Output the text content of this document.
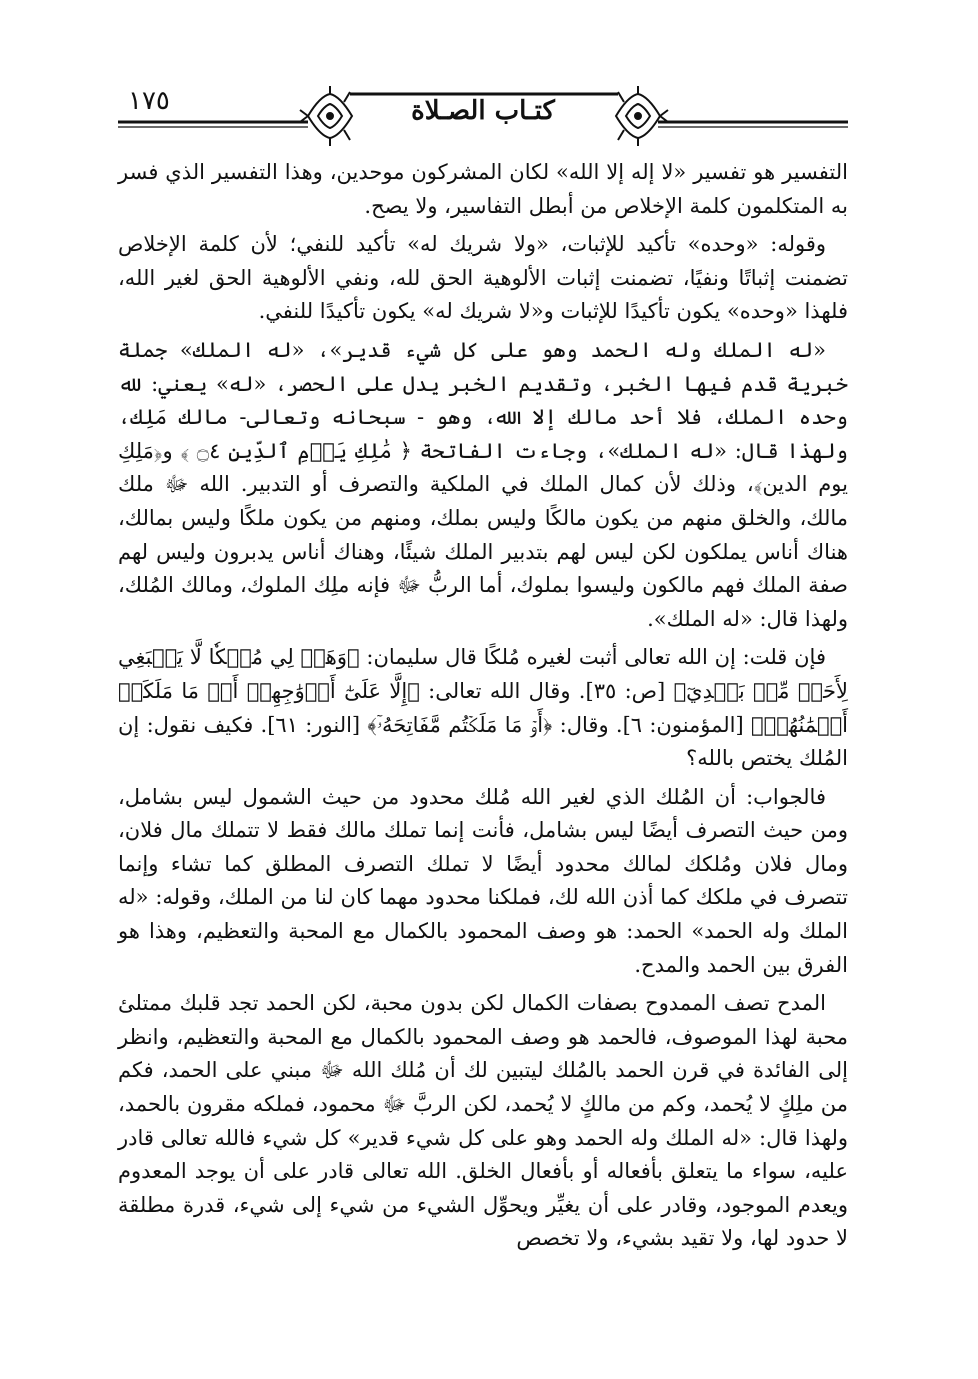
١٧٥	كتـاب الصـلاة

التفسير هو تفسير «لا إله إلا الله» لكان المشركون موحدين، وهذا التفسير الذي فسر به المتكلمون كلمة الإخلاص من أبطل التفاسير، ولا يصح.

وقوله: «وحده» تأكيد للإثبات، «ولا شريك له» تأكيد للنفي؛ لأن كلمة الإخلاص تضمنت إثباتًا ونفيًا، تضمنت إثبات الألوهية الحق لله، ونفي الألوهية الحق لغير الله، فلهذا «وحده» يكون تأكيدًا للإثبات و«لا شريك له» يكون تأكيدًا للنفي.

«له الملك وله الحمد وهو على كل شيء قدير»، «له الملك» جملة خبرية قدم فيها الخبر، وتقديم الخبر يدل على الحصر، «له» يعني: لله وحده الملك، فلا أحد مالك إلا الله، وهو - سبحانه وتعالى- مالك مَلِك، ولهذا قال: «له الملك»، وجاءت الفاتحة ﴿ مَٰلِكِ يَوۡمِ ٱلدِّينِ ۝٤ ﴾ و﴿مَلِكِ يوم الدين﴾، وذلك لأن كمال الملك في الملكية والتصرف أو التدبير. الله ﷻ ملك مالك، والخلق منهم من يكون مالكًا وليس بملك، ومنهم من يكون ملكًا وليس بمالك، هناك أناس يملكون لكن ليس لهم بتدبير الملك شيئًا، وهناك أناس يدبرون وليس لهم صفة الملك فهم مالكون وليسوا بملوك، أما الربُّ ﷻ فإنه ملِك الملوك، ومالك المُلك، ولهذا قال: «له الملك».

فإن قلت: إن الله تعالى أثبت لغيره مُلكًا قال سليمان: ﴿وَهَبۡ لِي مُلۡكٗا لَّا يَنۢبَغِي لِأَحَدٖ مِّنۢ بَعۡدِيٓ﴾ [ص: ٣٥]. وقال الله تعالى: ﴿إِلَّا عَلَىٰٓ أَزۡوَٰجِهِمۡ أَوۡ مَا مَلَكَتۡ أَيۡمَٰنُهُمۡ﴾ [المؤمنون: ٦]. وقال: ﴿أَوۡ مَا مَلَكۡتُم مَّفَاتِحَهُۥٓ﴾ [النور: ٦١]. فكيف نقول: إن المُلك يختص بالله؟

فالجواب: أن المُلك الذي لغير الله مُلك محدود من حيث الشمول ليس بشامل، ومن حيث التصرف أيضًا ليس بشامل، فأنت إنما تملك مالك فقط لا تتملك مال فلان، ومال فلان ومُلكك لمالك محدود أيضًا لا تملك التصرف المطلق كما تشاء وإنما تتصرف في ملكك كما أذن الله لك، فملكنا محدود مهما كان لنا من الملك، وقوله: «له الملك وله الحمد» الحمد: هو وصف المحمود بالكمال مع المحبة والتعظيم، وهذا هو الفرق بين الحمد والمدح.

المدح تصف الممدوح بصفات الكمال لكن بدون محبة، لكن الحمد تجد قلبك ممتلئ محبة لهذا الموصوف، فالحمد هو وصف المحمود بالكمال مع المحبة والتعظيم، وانظر إلى الفائدة في قرن الحمد بالمُلك ليتبين لك أن مُلك الله ﷻ مبني على الحمد، فكم من ملِكٍ لا يُحمد، وكم من مالكٍ لا يُحمد، لكن الربَّ ﷻ محمود، فملكه مقرون بالحمد، ولهذا قال: «له الملك وله الحمد وهو على كل شيء قدير» كل شيء فالله تعالى قادر عليه، سواء ما يتعلق بأفعاله أو بأفعال الخلق. الله تعالى قادر على أن يوجد المعدوم ويعدم الموجود، وقادر على أن يغيِّر ويحوِّل الشيء من شيء إلى شيء، قدرة مطلقة لا حدود لها، ولا تقيد بشيء، ولا تخصص
